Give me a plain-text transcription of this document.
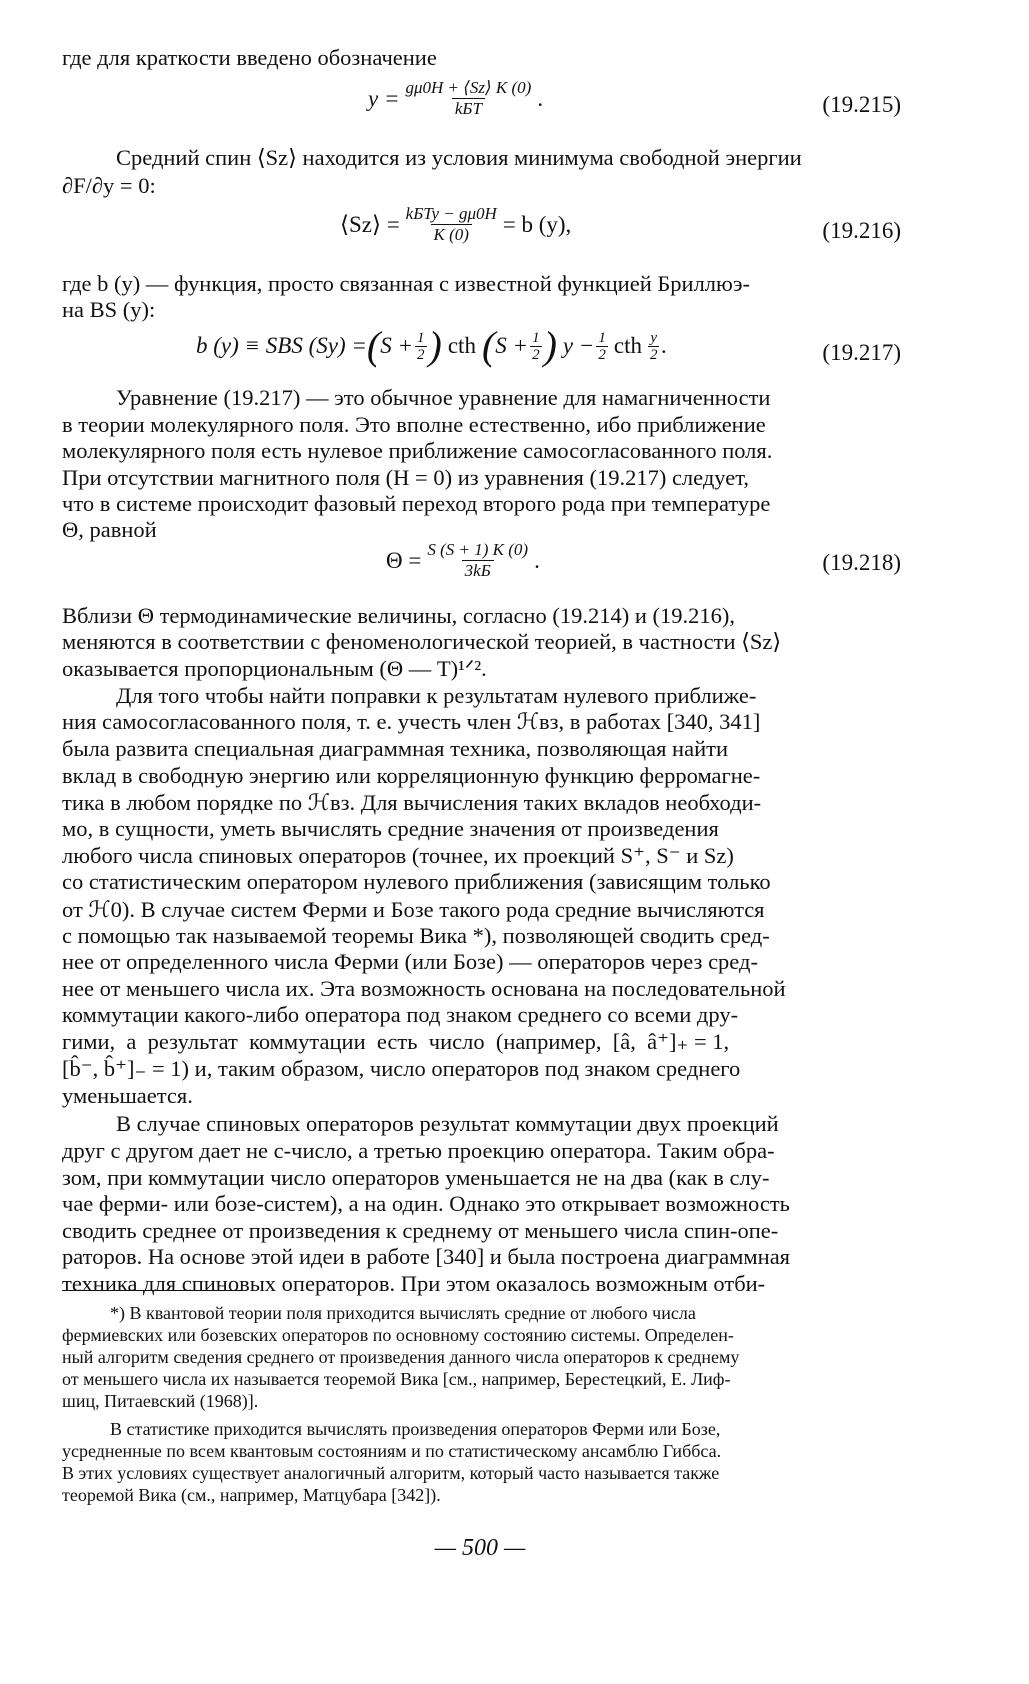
где для краткости введено обозначение
$y = \frac{g\mu 0H + ⟨Sz⟩ K (0)}{\text{kБT}}$ .	(19.215)
Средний спин ⟨Sz⟩ находится из условия минимума свободной энергии
∂F/∂y = 0:
⟨Sz⟩ = $\frac{\text{kБTy − gμ0H}}{K (0)} = b$ (y),	(19.216)
где b (y) — функция, просто связанная с известной функцией Бриллюэ-
на BS (y):
b (y) ≡ SBS (Sy) = ( $S + \frac{1}{2}$ ) cth ( $S + \frac{1}{2}$ ) $y - \frac{1}{2}$ cth $\frac{y}{2}$ .	(19.217)
Уравнение (19.217) — это обычное уравнение для намагниченности
в теории молекулярного поля. Это вполне естественно, ибо приближение
молекулярного поля есть нулевое приближение самосогласованного поля.
При отсутствии магнитного поля (H = 0) из уравнения (19.217) следует,
что в системе происходит фазовый переход второго рода при температуре
Θ, равной
$\Theta = \frac{S (S + 1) K (0)}{3kБ}$ .	(19.218)
Вблизи Θ термодинамические величины, согласно (19.214) и (19.216),
меняются в соответствии с феноменологической теорией, в частности ⟨Sz⟩
оказывается пропорциональным (Θ — T)¹ᐟ².
Для того чтобы найти поправки к результатам нулевого приближе-
ния самосогласованного поля, т. е. учесть член ℋвз, в работах [340, 341]
была развита специальная диаграммная техника, позволяющая найти
вклад в свободную энергию или корреляционную функцию ферромагне-
тика в любом порядке по ℋвз. Для вычисления таких вкладов необходи-
мо, в сущности, уметь вычислять средние значения от произведения
любого числа спиновых операторов (точнее, их проекций S⁺, S⁻ и Sz)
со статистическим оператором нулевого приближения (зависящим только
от ℋ0). В случае систем Ферми и Бозе такого рода средние вычисляются
с помощью так называемой теоремы Вика *), позволяющей сводить сред-
нее от определенного числа Ферми (или Бозе) — операторов через сред-
нее от меньшего числа их. Эта возможность основана на последовательной
коммутации какого-либо оператора под знаком среднего со всеми дру-
гими,  а  результат  коммутации  есть  число  (например,  [â,  â⁺]₊ = 1,
[b̂⁻, b̂⁺]₋ = 1) и, таким образом, число операторов под знаком среднего
уменьшается.
В случае спиновых операторов результат коммутации двух проекций
друг с другом дает не c-число, а третью проекцию оператора. Таким обра-
зом, при коммутации число операторов уменьшается не на два (как в слу-
чае ферми- или бозе-систем), а на один. Однако это открывает возможность
сводить среднее от произведения к среднему от меньшего числа спин-опе-
раторов. На основе этой идеи в работе [340] и была построена диаграммная
техника для спиновых операторов. При этом оказалось возможным отби-
*) В квантовой теории поля приходится вычислять средние от любого числа
фермиевских или бозевских операторов по основному состоянию системы. Определен-
ный алгоритм сведения среднего от произведения данного числа операторов к среднему
от меньшего числа их называется теоремой Вика [см., например, Берестецкий, Е. Лиф-
шиц, Питаевский (1968)].
В статистике приходится вычислять произведения операторов Ферми или Бозе,
усредненные по всем квантовым состояниям и по статистическому ансамблю Гиббса.
В этих условиях существует аналогичный алгоритм, который часто называется также
теоремой Вика (см., например, Матцубара [342]).
— 500 —
